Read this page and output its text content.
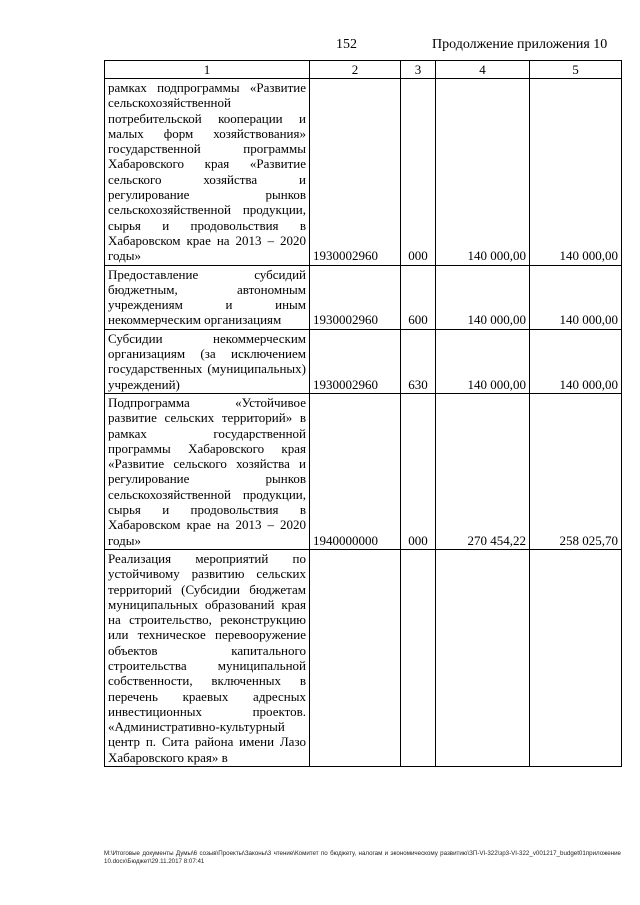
152	Продолжение приложения 10
1	2	3	4	5
рамках подпрограммы «Развитие сельскохозяйственной потребительской кооперации и малых форм хозяйствования» государственной программы Хабаровского края «Развитие сельского хозяйства и регулирование рынков сельскохозяйственной продукции, сырья и продовольствия в Хабаровском крае на 2013 – 2020 годы»	1930002960	000	140 000,00	140 000,00
Предоставление субсидий бюджетным, автономным учреждениям и иным некоммерческим организациям	1930002960	600	140 000,00	140 000,00
Субсидии некоммерческим организациям (за исключением государственных (муниципальных) учреждений)	1930002960	630	140 000,00	140 000,00
Подпрограмма «Устойчивое развитие сельских территорий» в рамках государственной программы Хабаровского края «Развитие сельского хозяйства и регулирование рынков сельскохозяйственной продукции, сырья и продовольствия в Хабаровском крае на 2013 – 2020 годы»	1940000000	000	270 454,22	258 025,70
Реализация мероприятий по устойчивому развитию сельских территорий (Субсидии бюджетам муниципальных образований края на строительство, реконструкцию или техническое перевооружение объектов капитального строительства муниципальной собственности, включенных в перечень краевых адресных инвестиционных проектов. «Административно-культурный центр п. Сита района имени Лазо Хабаровского края» в				
M:\Итоговые документы Думы\6 созыв\Проекты\Законы\3 чтение\Комитет по бюджету, налогам и экономическому развитию\ЗП-VI-322\зр3-VI-322_v001217_budget01приложение 10.docx\Бюджет\29.11.2017 8:07:41
